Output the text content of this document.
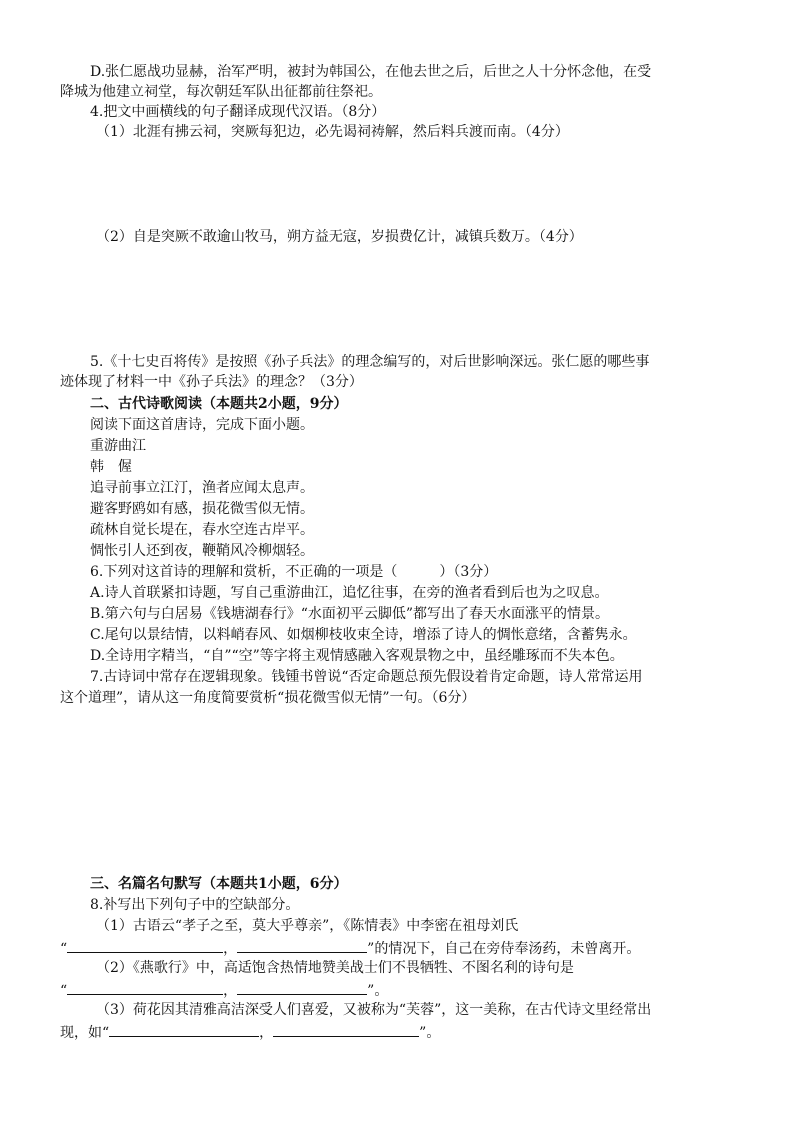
D.张仁愿战功显赫，治军严明，被封为韩国公，在他去世之后，后世之人十分怀念他，在受
降城为他建立祠堂，每次朝廷军队出征都前往祭祀。
4.把文中画横线的句子翻译成现代汉语。（8分）
（1）北涯有拂云祠，突厥每犯边，必先谒祠祷解，然后料兵渡而南。（4分）
（2）自是突厥不敢逾山牧马，朔方益无寇，岁损费亿计，减镇兵数万。（4分）
5.《十七史百将传》是按照《孙子兵法》的理念编写的，对后世影响深远。张仁愿的哪些事
迹体现了材料一中《孙子兵法》的理念？（3分）
二、古代诗歌阅读（本题共2小题，9分）
阅读下面这首唐诗，完成下面小题。
重游曲江
韩　偓
追寻前事立江汀，渔者应闻太息声。
避客野鸥如有感，损花微雪似无情。
疏林自觉长堤在，春水空连古岸平。
惆怅引人还到夜，鞭鞘风冷柳烟轻。
6.下列对这首诗的理解和赏析，不正确的一项是（　　　）（3分）
A.诗人首联紧扣诗题，写自己重游曲江，追忆往事，在旁的渔者看到后也为之叹息。
B.第六句与白居易《钱塘湖春行》“水面初平云脚低”都写出了春天水面涨平的情景。
C.尾句以景结情，以料峭春风、如烟柳枝收束全诗，增添了诗人的惆怅意绪，含蓄隽永。
D.全诗用字精当，“自”“空”等字将主观情感融入客观景物之中，虽经雕琢而不失本色。
7.古诗词中常存在逻辑现象。钱锺书曾说“否定命题总预先假设着肯定命题，诗人常常运用
这个道理”，请从这一角度简要赏析“损花微雪似无情”一句。（6分）
三、名篇名句默写（本题共1小题，6分）
8.补写出下列句子中的空缺部分。
（1）古语云“孝子之至，莫大乎尊亲”，《陈情表》中李密在祖母刘氏
“	，	”的情况下，自己在旁侍奉汤药，未曾离开。
（2）《燕歌行》中，高适饱含热情地赞美战士们不畏牺牲、不图名利的诗句是
“	，	”。
（3）荷花因其清雅高洁深受人们喜爱，又被称为“芙蓉”，这一美称，在古代诗文里经常出
现，如“	，	”。
